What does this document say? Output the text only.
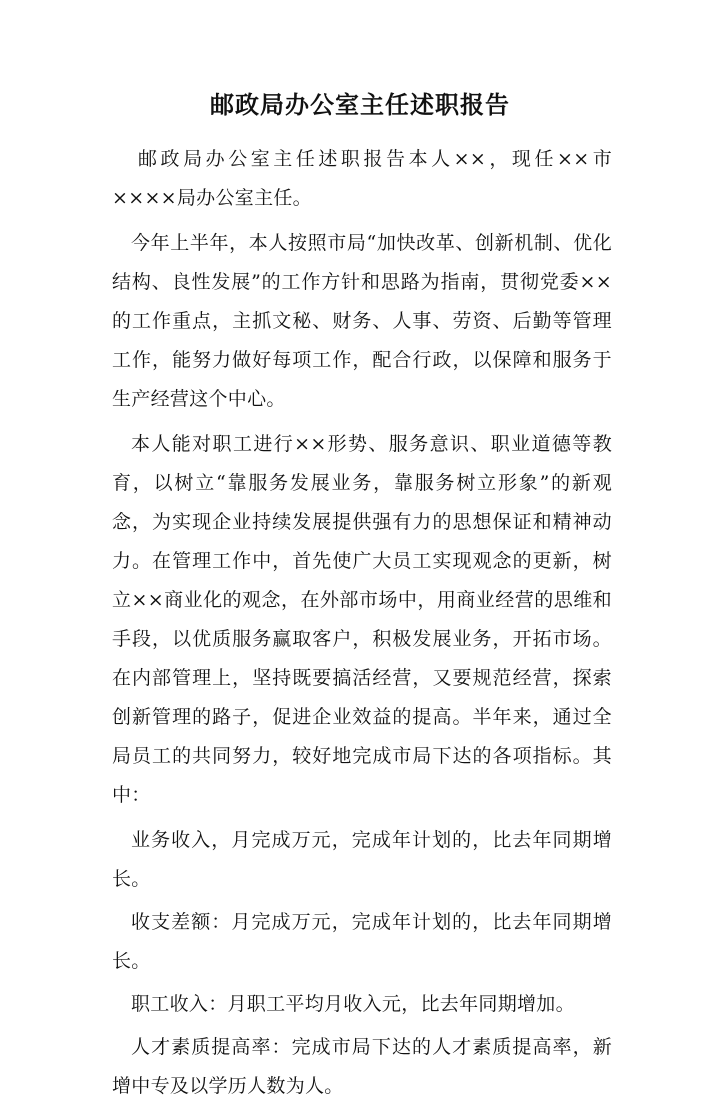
邮政局办公室主任述职报告

邮政局办公室主任述职报告本人××，现任××市××××局办公室主任。

今年上半年，本人按照市局“加快改革、创新机制、优化结构、良性发展”的工作方针和思路为指南，贯彻党委××的工作重点，主抓文秘、财务、人事、劳资、后勤等管理工作，能努力做好每项工作，配合行政，以保障和服务于生产经营这个中心。

本人能对职工进行××形势、服务意识、职业道德等教育，以树立“靠服务发展业务，靠服务树立形象”的新观念，为实现企业持续发展提供强有力的思想保证和精神动力。在管理工作中，首先使广大员工实现观念的更新，树立××商业化的观念，在外部市场中，用商业经营的思维和手段，以优质服务赢取客户，积极发展业务，开拓市场。在内部管理上，坚持既要搞活经营，又要规范经营，探索创新管理的路子，促进企业效益的提高。半年来，通过全局员工的共同努力，较好地完成市局下达的各项指标。其中：

业务收入，月完成万元，完成年计划的，比去年同期增长。

收支差额：月完成万元，完成年计划的，比去年同期增长。

职工收入：月职工平均月收入元，比去年同期增加。

人才素质提高率：完成市局下达的人才素质提高率，新增中专及以学历人数为人。
